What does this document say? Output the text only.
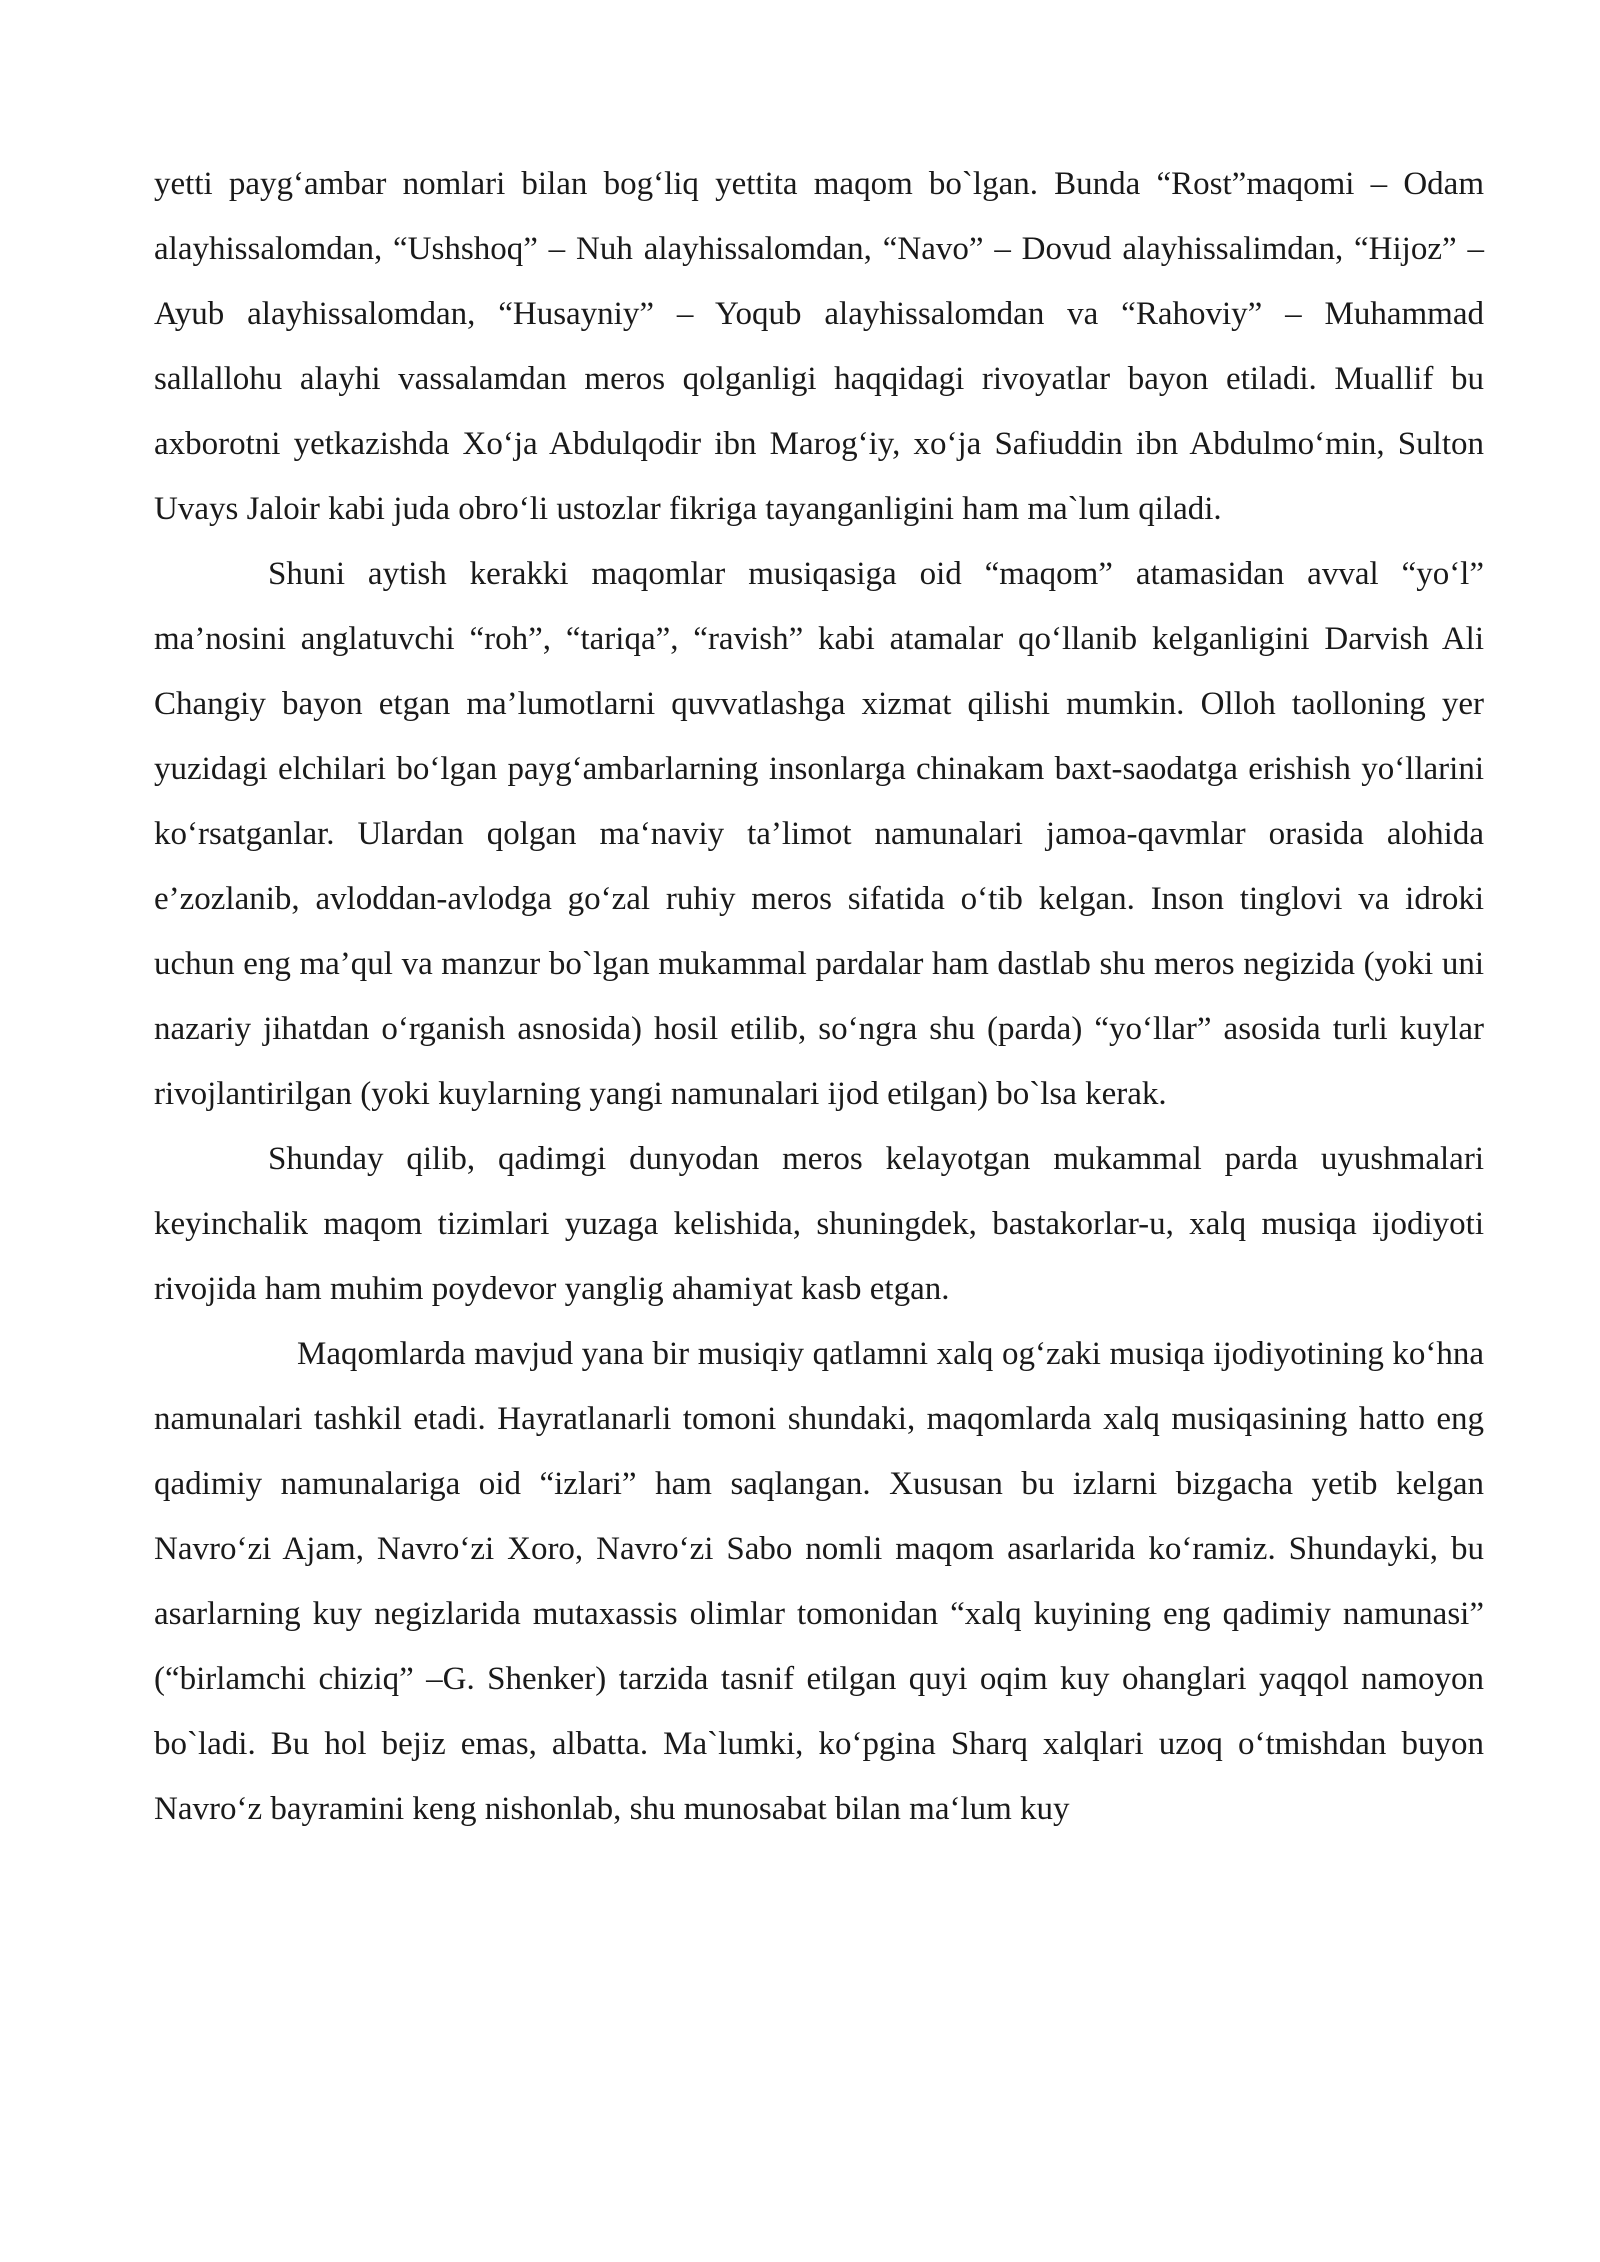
yetti payg‘ambar nomlari bilan bog‘liq yettita maqom bo`lgan. Bunda “Rost”maqomi – Odam alayhissalomdan, “Ushshoq” – Nuh alayhissalomdan, “Navo” – Dovud alayhissalimdan, “Hijoz” – Ayub alayhissalomdan, “Husayniy” – Yoqub alayhissalomdan va “Rahoviy” – Muhammad sallallohu alayhi vassalamdan meros qolganligi haqqidagi rivoyatlar bayon etiladi. Muallif bu axborotni yetkazishda Xo‘ja Abdulqodir ibn Marog‘iy, xo‘ja Safiuddin ibn Abdulmo‘min, Sulton Uvays Jaloir kabi juda obro‘li ustozlar fikriga tayanganligini ham ma`lum qiladi.

Shuni aytish kerakki maqomlar musiqasiga oid “maqom” atamasidan avval “yo‘l” ma’nosini anglatuvchi “roh”, “tariqa”, “ravish” kabi atamalar qo‘llanib kelganligini Darvish Ali Changiy bayon etgan ma’lumotlarni quvvatlashga xizmat qilishi mumkin. Olloh taolloning yer yuzidagi elchilari bo‘lgan payg‘ambarlarning insonlarga chinakam baxt-saodatga erishish yo‘llarini ko‘rsatganlar. Ulardan qolgan ma‘naviy ta’limot namunalari jamoa-qavmlar orasida alohida e’zozlanib, avloddan-avlodga go‘zal ruhiy meros sifatida o‘tib kelgan. Inson tinglovi va idroki uchun eng ma’qul va manzur bo`lgan mukammal pardalar ham dastlab shu meros negizida (yoki uni nazariy jihatdan o‘rganish asnosida) hosil etilib, so‘ngra shu (parda) “yo‘llar” asosida turli kuylar rivojlantirilgan (yoki kuylarning yangi namunalari ijod etilgan) bo`lsa kerak.

Shunday qilib, qadimgi dunyodan meros kelayotgan mukammal parda uyushmalari keyinchalik maqom tizimlari yuzaga kelishida, shuningdek, bastakorlar-u, xalq musiqa ijodiyoti rivojida ham muhim poydevor yanglig ahamiyat kasb etgan.

Maqomlarda mavjud yana bir musiqiy qatlamni xalq og‘zaki musiqa ijodiyotining ko‘hna namunalari tashkil etadi. Hayratlanarli tomoni shundaki, maqomlarda xalq musiqasining hatto eng qadimiy namunalariga oid “izlari” ham saqlangan. Xususan bu izlarni bizgacha yetib kelgan Navro‘zi Ajam, Navro‘zi Xoro, Navro‘zi Sabo nomli maqom asarlarida ko‘ramiz. Shundayki, bu asarlarning kuy negizlarida mutaxassis olimlar tomonidan “xalq kuyining eng qadimiy namunasi” (“birlamchi chiziq” –G. Shenker) tarzida tasnif etilgan quyi oqim kuy ohanglari yaqqol namoyon bo`ladi. Bu hol bejiz emas, albatta. Ma`lumki, ko‘pgina Sharq xalqlari uzoq o‘tmishdan buyon Navro‘z bayramini keng nishonlab, shu munosabat bilan ma‘lum kuy
